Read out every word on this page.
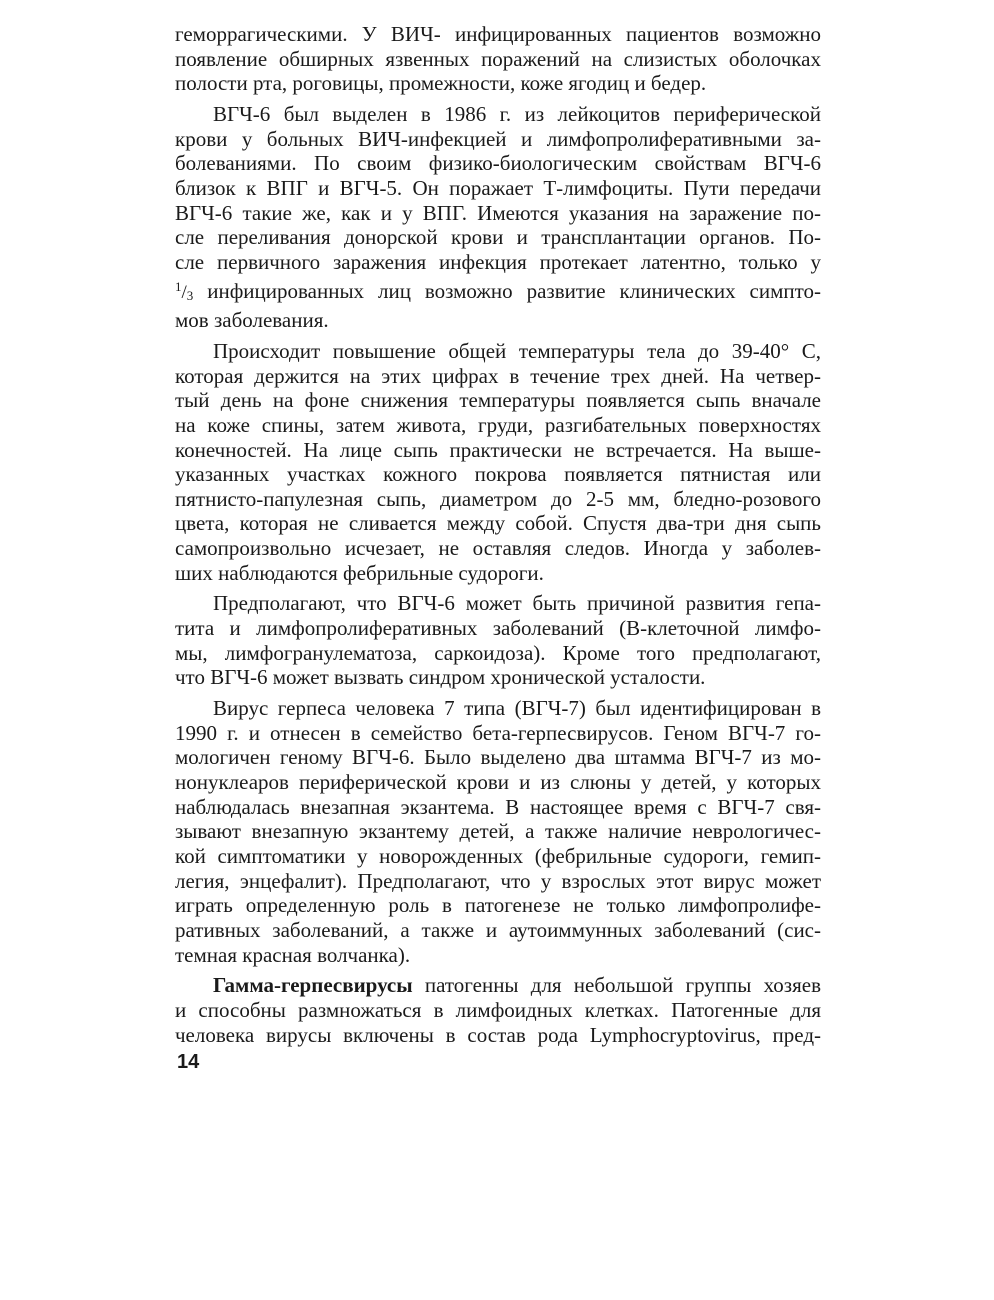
геморрагическими. У ВИЧ- инфицированных пациентов возможно
появление обширных язвенных поражений на слизистых оболочках
полости рта, роговицы, промежности, коже ягодиц и бедер.
ВГЧ-6 был выделен в 1986 г. из лейкоцитов периферической
крови у больных ВИЧ-инфекцией и лимфопролиферативными за-
болеваниями. По своим физико-биологическим свойствам ВГЧ-6
близок к ВПГ и ВГЧ-5. Он поражает Т-лимфоциты. Пути передачи
ВГЧ-6 такие же, как и у ВПГ. Имеются указания на заражение по-
сле переливания донорской крови и трансплантации органов. По-
сле первичного заражения инфекция протекает латентно, только у
$^1/_3$ инфицированных лиц возможно развитие клинических симпто-
мов заболевания.
Происходит повышение общей температуры тела до 39-40° С,
которая держится на этих цифрах в течение трех дней. На четвер-
тый день на фоне снижения температуры появляется сыпь вначале
на коже спины, затем живота, груди, разгибательных поверхностях
конечностей. На лице сыпь практически не встречается. На выше-
указанных участках кожного покрова появляется пятнистая или
пятнисто-папулезная сыпь, диаметром до 2-5 мм, бледно-розового
цвета, которая не сливается между собой. Спустя два-три дня сыпь
самопроизвольно исчезает, не оставляя следов. Иногда у заболев-
ших наблюдаются фебрильные судороги.
Предполагают, что ВГЧ-6 может быть причиной развития гепа-
тита и лимфопролиферативных заболеваний (В-клеточной лимфо-
мы, лимфогранулематоза, саркоидоза). Кроме того предполагают,
что ВГЧ-6 может вызвать синдром хронической усталости.
Вирус герпеса человека 7 типа (ВГЧ-7) был идентифицирован в
1990 г. и отнесен в семейство бета-герпесвирусов. Геном ВГЧ-7 го-
мологичен геному ВГЧ-6. Было выделено два штамма ВГЧ-7 из мо-
нонуклеаров периферической крови и из слюны у детей, у которых
наблюдалась внезапная экзантема. В настоящее время с ВГЧ-7 свя-
зывают внезапную экзантему детей, а также наличие неврологичес-
кой симптоматики у новорожденных (фебрильные судороги, гемип-
легия, энцефалит). Предполагают, что у взрослых этот вирус может
играть определенную роль в патогенезе не только лимфопролифе-
ративных заболеваний, а также и аутоиммунных заболеваний (сис-
темная красная волчанка).
Гамма-герпесвирусы патогенны для небольшой группы хозяев
и способны размножаться в лимфоидных клетках. Патогенные для
человека вирусы включены в состав рода Lymphocryptovirus, пред-
14
